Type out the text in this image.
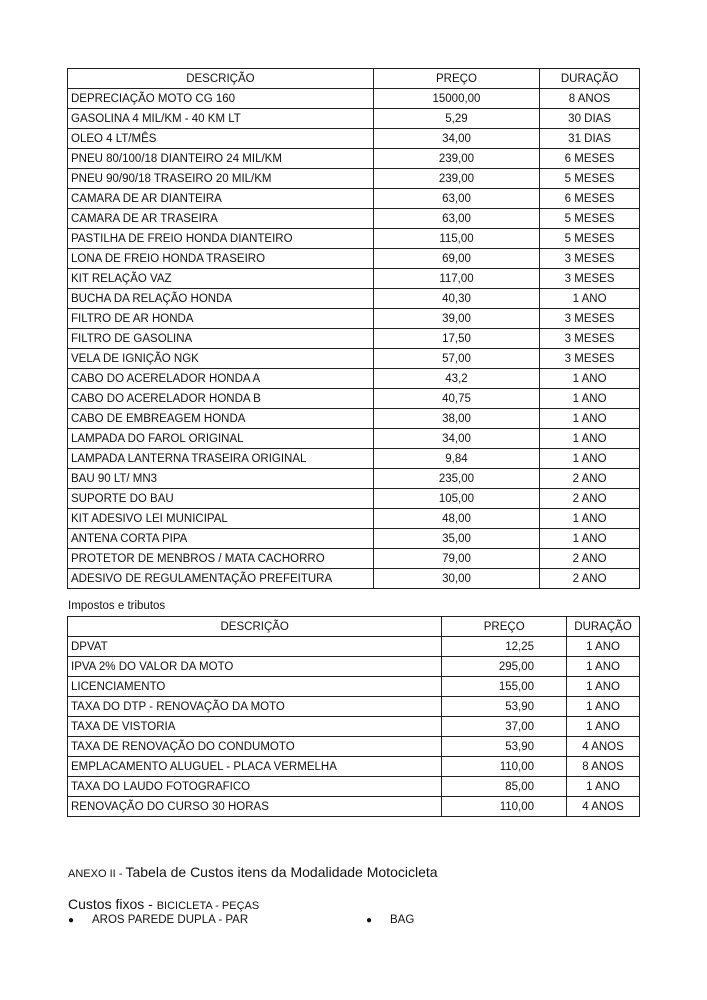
DESCRIÇÃO	PREÇO	DURAÇÃO
DEPRECIAÇÃO MOTO CG 160	15000,00	8 ANOS
GASOLINA 4 MIL/KM - 40 KM LT	5,29	30 DIAS
OLEO 4 LT/MÊS	34,00	31 DIAS
PNEU 80/100/18 DIANTEIRO 24 MIL/KM	239,00	6 MESES
PNEU 90/90/18 TRASEIRO 20 MIL/KM	239,00	5 MESES
CAMARA DE AR DIANTEIRA	63,00	6 MESES
CAMARA DE AR TRASEIRA	63,00	5 MESES
PASTILHA DE FREIO HONDA DIANTEIRO	115,00	5 MESES
LONA DE FREIO HONDA TRASEIRO	69,00	3 MESES
KIT RELAÇÃO VAZ	117,00	3 MESES
BUCHA DA RELAÇÃO HONDA	40,30	1 ANO
FILTRO DE AR HONDA	39,00	3 MESES
FILTRO DE GASOLINA	17,50	3 MESES
VELA DE IGNIÇÃO NGK	57,00	3 MESES
CABO DO ACERELADOR HONDA A	43,2	1 ANO
CABO DO ACERELADOR HONDA B	40,75	1 ANO
CABO DE EMBREAGEM HONDA	38,00	1 ANO
LAMPADA DO FAROL ORIGINAL	34,00	1 ANO
LAMPADA LANTERNA TRASEIRA ORIGINAL	9,84	1 ANO
BAU 90 LT/ MN3	235,00	2 ANO
SUPORTE DO BAU	105,00	2 ANO
KIT ADESIVO LEI MUNICIPAL	48,00	1 ANO
ANTENA CORTA PIPA	35,00	1 ANO
PROTETOR DE MENBROS / MATA CACHORRO	79,00	2 ANO
ADESIVO DE REGULAMENTAÇÃO PREFEITURA	30,00	2 ANO
Impostos e tributos
DESCRIÇÃO	PREÇO	DURAÇÃO
DPVAT	12,25	1 ANO
IPVA 2% DO VALOR DA MOTO	295,00	1 ANO
LICENCIAMENTO	155,00	1 ANO
TAXA DO DTP - RENOVAÇÃO DA MOTO	53,90	1 ANO
TAXA DE VISTORIA	37,00	1 ANO
TAXA DE RENOVAÇÃO DO CONDUMOTO	53,90	4 ANOS
EMPLACAMENTO ALUGUEL - PLACA VERMELHA	110,00	8 ANOS
TAXA DO LAUDO FOTOGRAFICO	85,00	1 ANO
RENOVAÇÃO DO CURSO 30 HORAS	110,00	4 ANOS
ANEXO II - Tabela de Custos itens da Modalidade Motocicleta
Custos fixos - BICICLETA - PEÇAS
● AROS PAREDE DUPLA - PAR	● BAG
